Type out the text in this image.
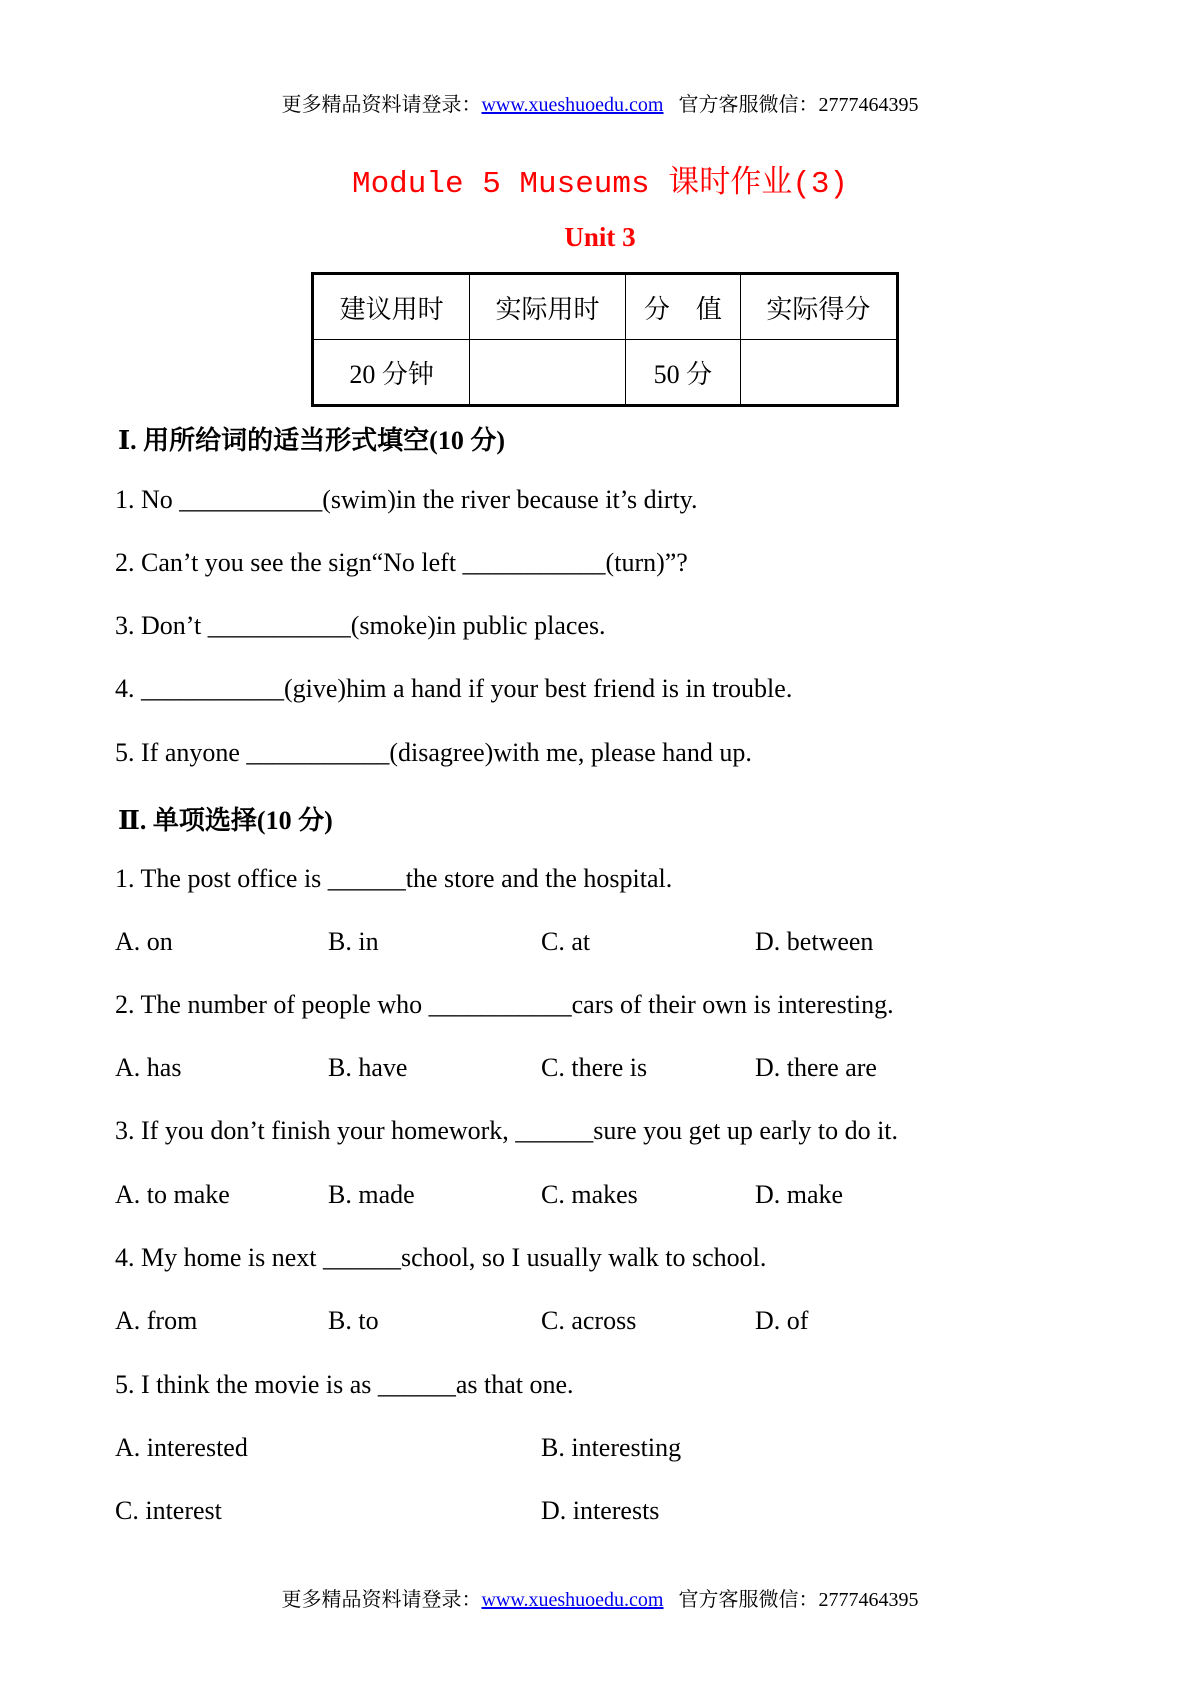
更多精品资料请登录：www.xueshuoedu.com   官方客服微信：2777464395
Module 5 Museums 课时作业(3)
Unit 3
建议用时	实际用时	分　值	实际得分
20 分钟		50 分	
Ⅰ. 用所给词的适当形式填空(10 分)
1. No ___________(swim)in the river because it’s dirty.
2. Can’t you see the sign“No left ___________(turn)”?
3. Don’t ___________(smoke)in public places.
4. ___________(give)him a hand if your best friend is in trouble.
5. If anyone ___________(disagree)with me, please hand up.
Ⅱ. 单项选择(10 分)
1. The post office is ______the store and the hospital.
A. on	B. in	C. at	D. between
2. The number of people who ___________cars of their own is interesting.
A. has	B. have	C. there is	D. there are
3. If you don’t finish your homework, ______sure you get up early to do it.
A. to make	B. made	C. makes	D. make
4. My home is next ______school, so I usually walk to school.
A. from	B. to	C. across	D. of
5. I think the movie is as ______as that one.
A. interested	B. interesting
C. interest	D. interests
更多精品资料请登录：www.xueshuoedu.com   官方客服微信：2777464395
